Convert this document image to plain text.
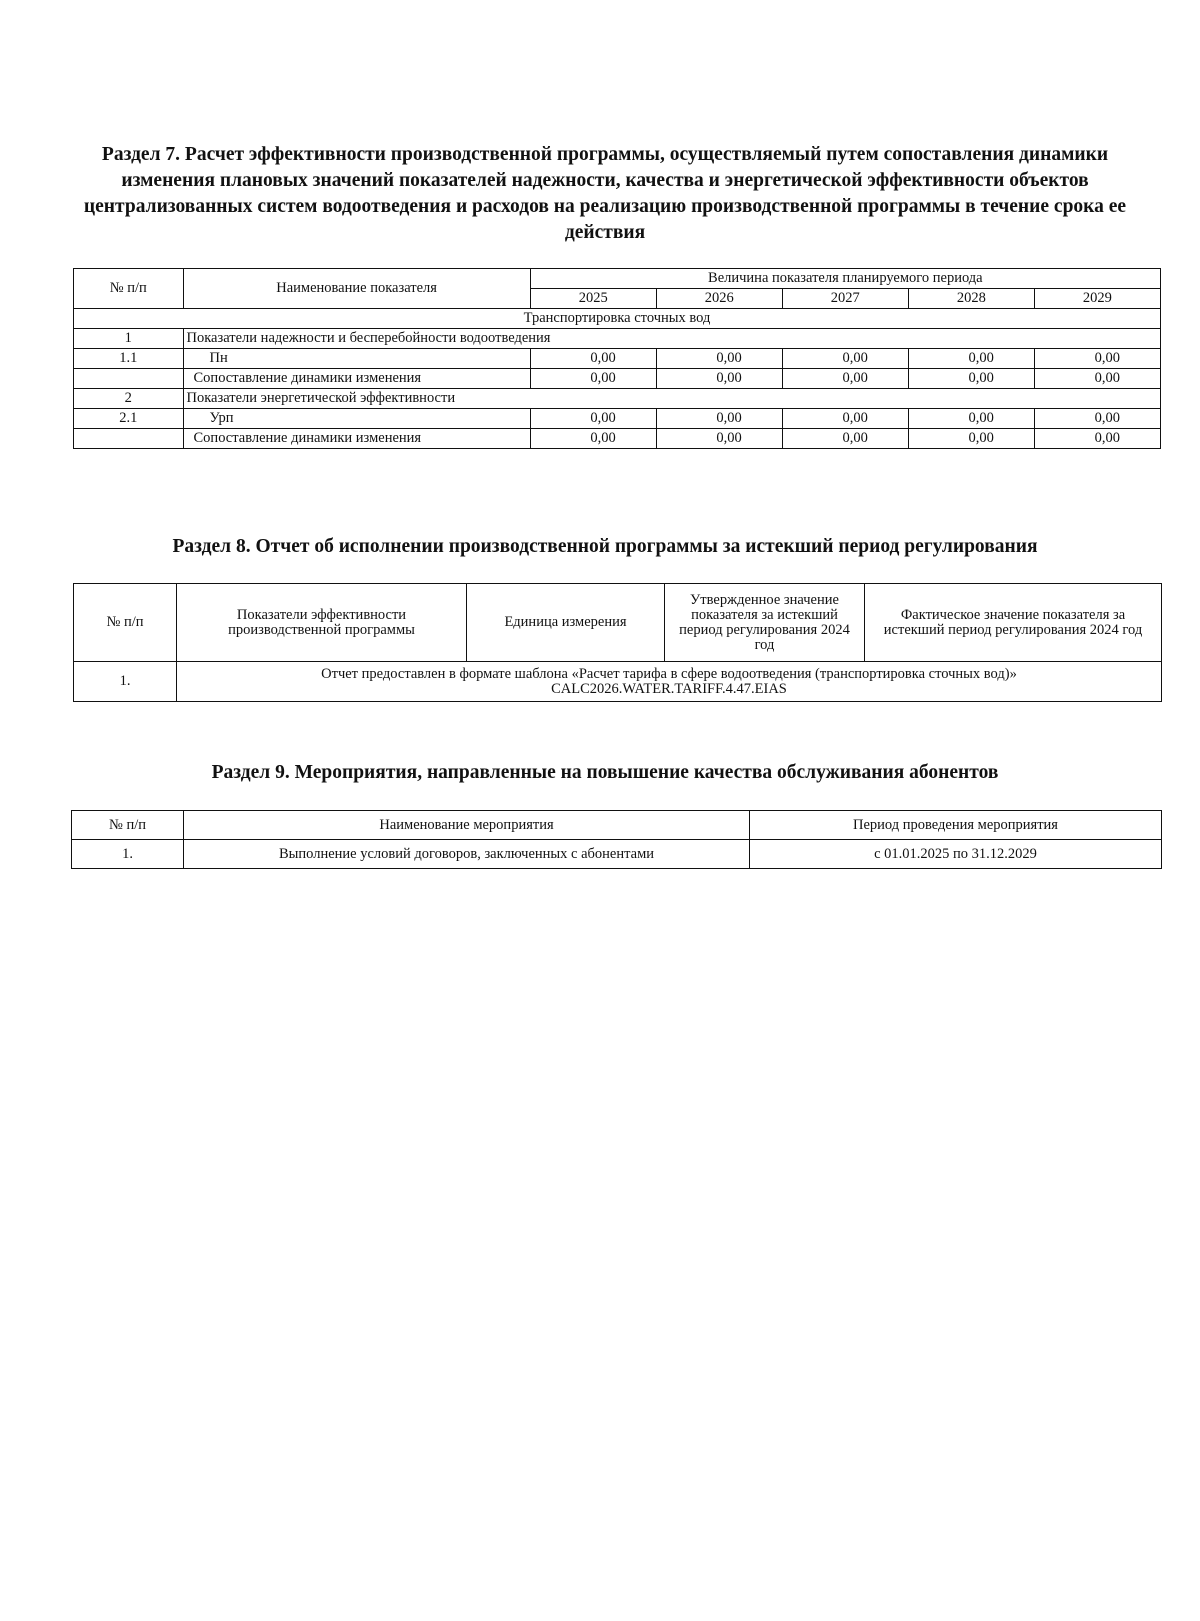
Раздел 7. Расчет эффективности производственной программы, осуществляемый путем сопоставления динамики изменения плановых значений показателей надежности, качества и энергетической эффективности объектов централизованных систем водоотведения и расходов на реализацию производственной программы в течение срока ее действия
№ п/п	Наименование показателя	Величина показателя планируемого периода				
		2025	2026	2027	2028	2029
Транспортировка сточных вод						
1	Показатели надежности и бесперебойности водоотведения					
1.1	Пн	0,00	0,00	0,00	0,00	0,00
	Сопоставление динамики изменения	0,00	0,00	0,00	0,00	0,00
2	Показатели энергетической эффективности					
2.1	Урп	0,00	0,00	0,00	0,00	0,00
	Сопоставление динамики изменения	0,00	0,00	0,00	0,00	0,00
Раздел 8. Отчет об исполнении производственной программы за истекший период регулирования
№ п/п	Показатели эффективности производственной программы	Единица измерения	Утвержденное значение показателя за истекший период регулирования 2024 год	Фактическое значение показателя за истекший период регулирования 2024 год
1.	Отчет предоставлен в формате шаблона «Расчет тарифа в сфере водоотведения (транспортировка сточных вод)»
CALC2026.WATER.TARIFF.4.47.EIAS			
Раздел 9. Мероприятия, направленные на повышение качества обслуживания абонентов
№ п/п	Наименование мероприятия	Период проведения мероприятия
1.	Выполнение условий договоров, заключенных с абонентами	с 01.01.2025 по 31.12.2029
